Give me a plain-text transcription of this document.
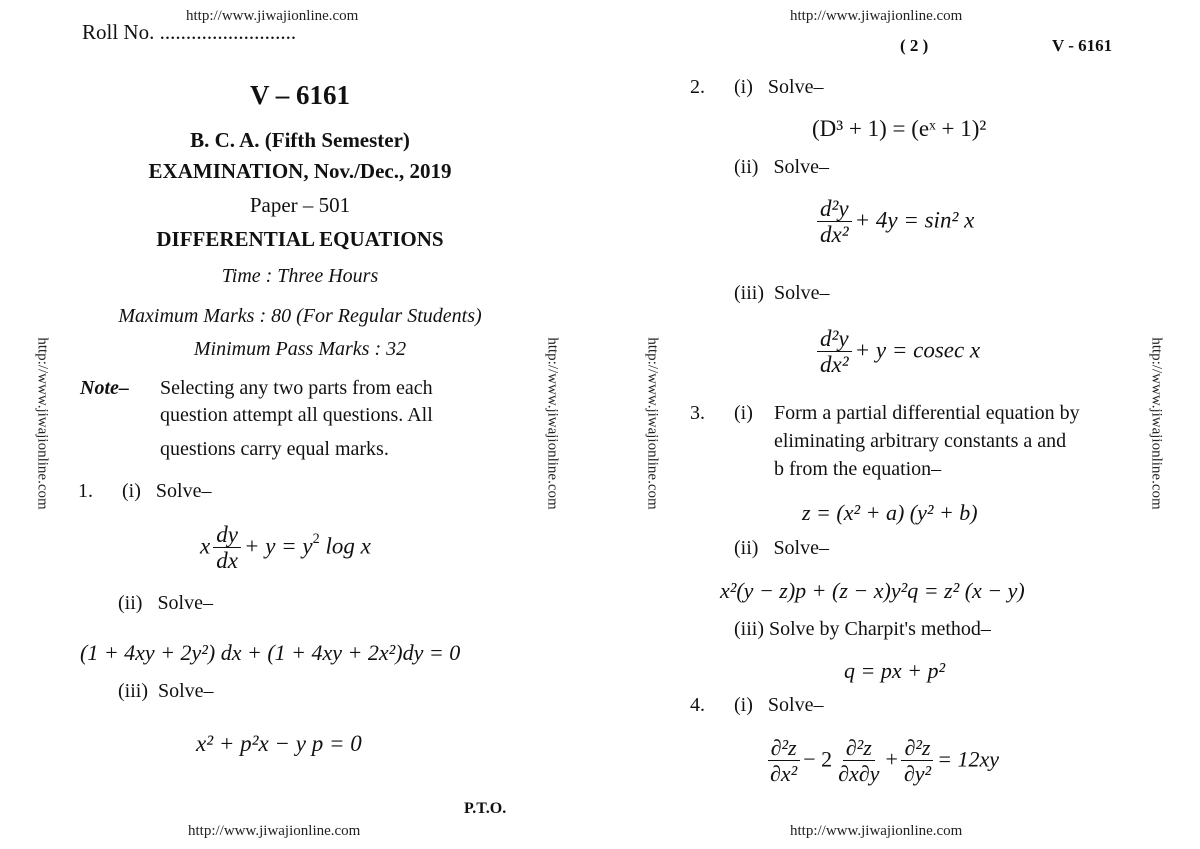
http://www.jiwajionline.com
Roll No. ..........................
V – 6161
B. C. A. (Fifth Semester)
EXAMINATION, Nov./Dec., 2019
Paper – 501
DIFFERENTIAL EQUATIONS
Time : Three Hours
Maximum Marks : 80 (For Regular Students)
Minimum Pass Marks : 32
Note– Selecting any two parts from each
question attempt all questions. All
questions carry equal marks.
1. (i) Solve–
x $\frac{dy}{dx} + y = y^2$ log x
(ii) Solve–
(1 + 4xy + 2y²) dx + (1 + 4xy + 2x²)dy = 0
(iii) Solve–
x² + p²x − y p = 0
P.T.O.
http://www.jiwajionline.com
http://www.jiwajionline.com	http://www.jiwajionline.com
http://www.jiwajionline.com
( 2 )	V - 6161
http://www.jiwajionline.com	http://www.jiwajionline.com
2. (i) Solve–
(D³ + 1) = (eˣ + 1)²
(ii) Solve–
$\frac{\text{d²y}}{\text{dx²}} + 4y = \sin^2$ x
(iii) Solve–
$\frac{\text{d²y}}{\text{dx²}} + y = cosec$ x
3. (i) Form a partial differential equation by
eliminating arbitrary constants a and
b from the equation–
z = (x² + a) (y² + b)
(ii) Solve–
x²(y − z)p + (z − x)y²q = z² (x − y)
(iii) Solve by Charpit's method–
q = px + p²
4. (i) Solve–
$\frac{\text{∂²z}}{\text{∂x²}} - 2 \frac{\text{∂²z}}{\partial x\partial y} + \frac{\text{∂²z}}{\text{∂y²}} = 12xy$
http://www.jiwajionline.com
